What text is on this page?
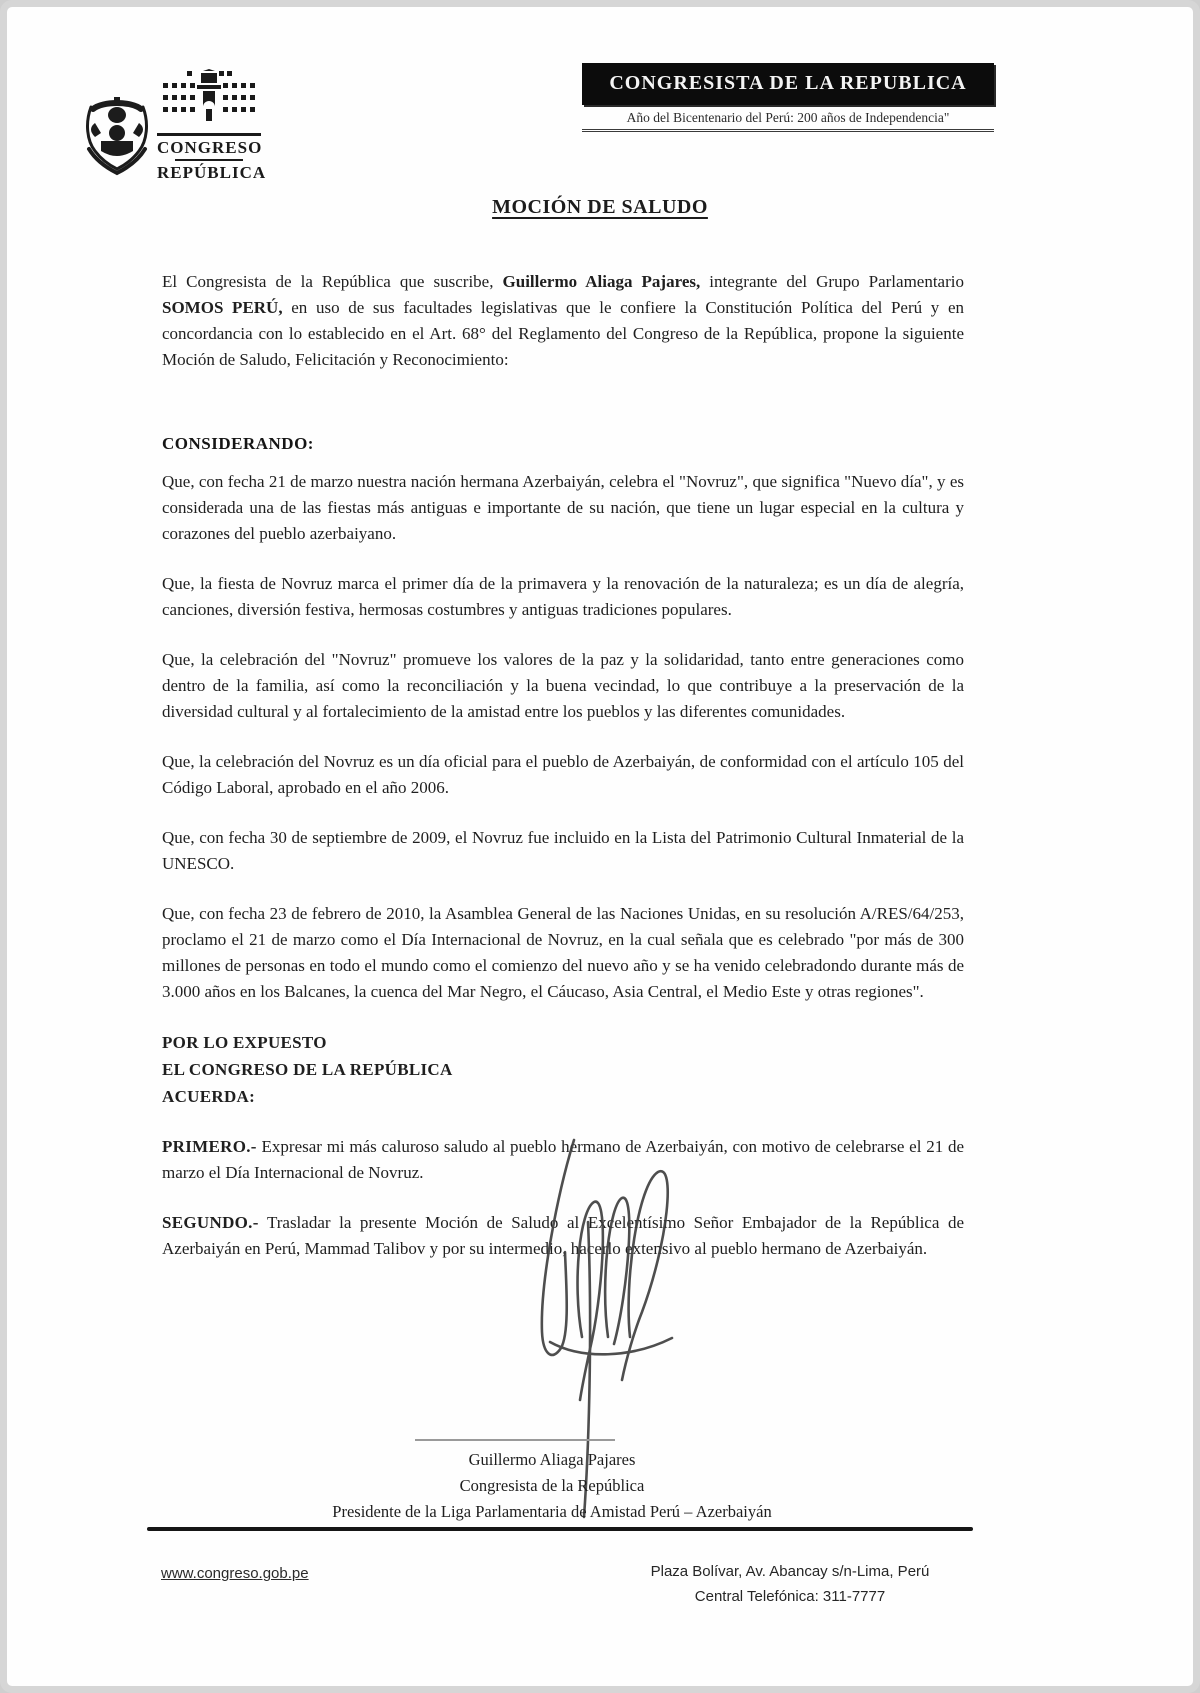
CONGRESO
REPÚBLICA
CONGRESISTA DE LA REPUBLICA
Año del Bicentenario del Perú: 200 años de Independencia"
MOCIÓN DE SALUDO

El Congresista de la República que suscribe, Guillermo Aliaga Pajares, integrante del Grupo Parlamentario SOMOS PERÚ, en uso de sus facultades legislativas que le confiere la Constitución Política del Perú y en concordancia con lo establecido en el Art. 68° del Reglamento del Congreso de la República, propone la siguiente Moción de Saludo, Felicitación y Reconocimiento:

CONSIDERANDO:

Que, con fecha 21 de marzo nuestra nación hermana Azerbaiyán, celebra el "Novruz", que significa "Nuevo día", y es considerada una de las fiestas más antiguas e importante de su nación, que tiene un lugar especial en la cultura y corazones del pueblo azerbaiyano.

Que, la fiesta de Novruz marca el primer día de la primavera y la renovación de la naturaleza; es un día de alegría, canciones, diversión festiva, hermosas costumbres y antiguas tradiciones populares.

Que, la celebración del "Novruz" promueve los valores de la paz y la solidaridad, tanto entre generaciones como dentro de la familia, así como la reconciliación y la buena vecindad, lo que contribuye a la preservación de la diversidad cultural y al fortalecimiento de la amistad entre los pueblos y las diferentes comunidades.

Que, la celebración del Novruz es un día oficial para el pueblo de Azerbaiyán, de conformidad con el artículo 105 del Código Laboral, aprobado en el año 2006.

Que, con fecha 30 de septiembre de 2009, el Novruz fue incluido en la Lista del Patrimonio Cultural Inmaterial de la UNESCO.

Que, con fecha 23 de febrero de 2010, la Asamblea General de las Naciones Unidas, en su resolución A/RES/64/253, proclamo el 21 de marzo como el Día Internacional de Novruz, en la cual señala que es celebrado "por más de 300 millones de personas en todo el mundo como el comienzo del nuevo año y se ha venido celebradondo durante más de 3.000 años en los Balcanes, la cuenca del Mar Negro, el Cáucaso, Asia Central, el Medio Este y otras regiones".

POR LO EXPUESTO
EL CONGRESO DE LA REPÚBLICA
ACUERDA:

PRIMERO.- Expresar mi más caluroso saludo al pueblo hermano de Azerbaiyán, con motivo de celebrarse el 21 de marzo el Día Internacional de Novruz.

SEGUNDO.- Trasladar la presente Moción de Saludo al Excelentísimo Señor Embajador de la República de Azerbaiyán en Perú, Mammad Talibov y por su intermedio, hacerlo extensivo al pueblo hermano de Azerbaiyán.

Guillermo Aliaga Pajares
Congresista de la República
Presidente de la Liga Parlamentaria de Amistad Perú – Azerbaiyán
www.congreso.gob.pe	Plaza Bolívar, Av. Abancay s/n-Lima, Perú
Central Telefónica: 311-7777
